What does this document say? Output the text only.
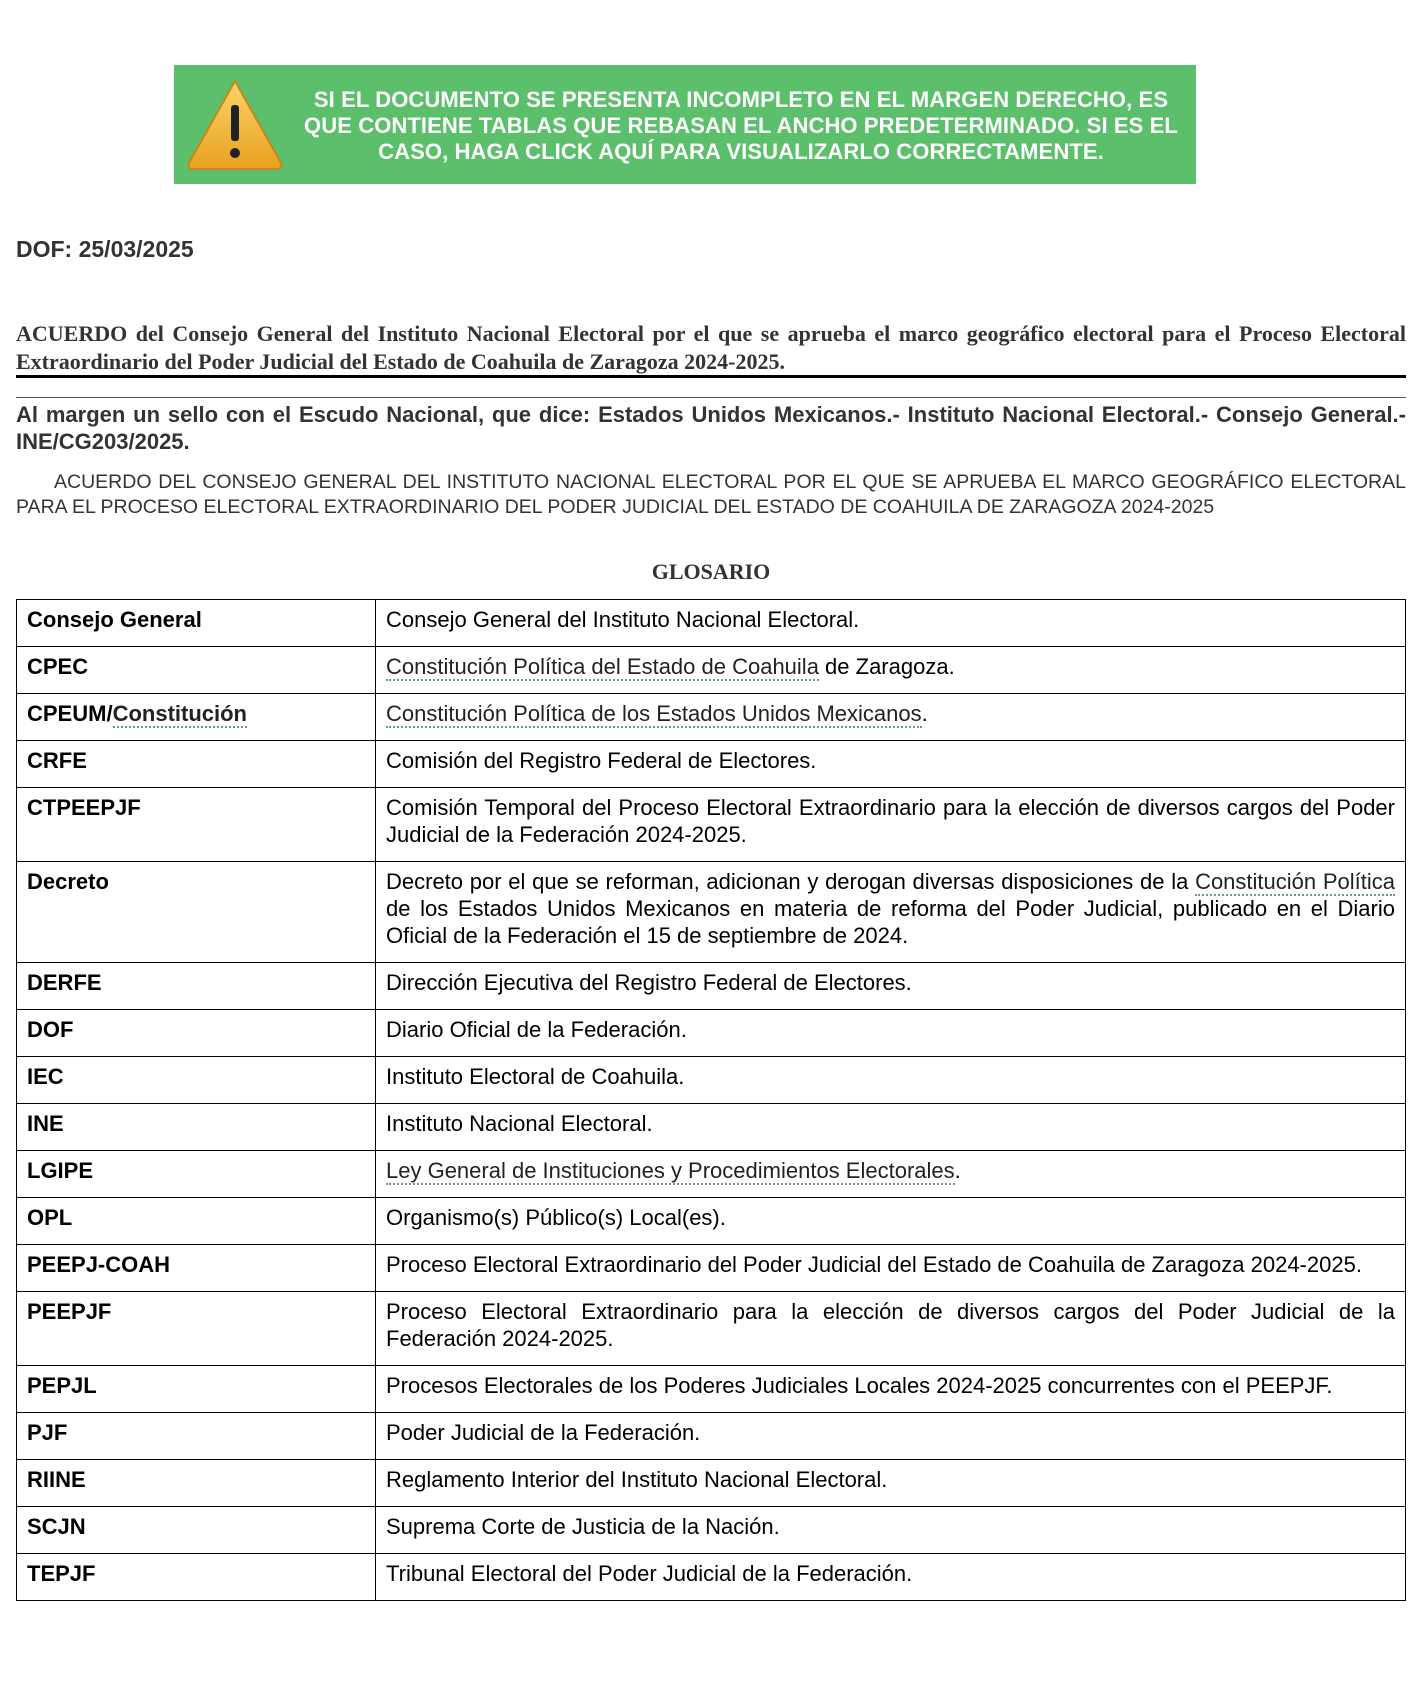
SI EL DOCUMENTO SE PRESENTA INCOMPLETO EN EL MARGEN DERECHO, ES QUE CONTIENE TABLAS QUE REBASAN EL ANCHO PREDETERMINADO. SI ES EL CASO, HAGA CLICK AQUÍ PARA VISUALIZARLO CORRECTAMENTE.
DOF: 25/03/2025
ACUERDO del Consejo General del Instituto Nacional Electoral por el que se aprueba el marco geográfico electoral para el Proceso Electoral Extraordinario del Poder Judicial del Estado de Coahuila de Zaragoza 2024-2025.
Al margen un sello con el Escudo Nacional, que dice: Estados Unidos Mexicanos.- Instituto Nacional Electoral.- Consejo General.- INE/CG203/2025.
ACUERDO DEL CONSEJO GENERAL DEL INSTITUTO NACIONAL ELECTORAL POR EL QUE SE APRUEBA EL MARCO GEOGRÁFICO ELECTORAL PARA EL PROCESO ELECTORAL EXTRAORDINARIO DEL PODER JUDICIAL DEL ESTADO DE COAHUILA DE ZARAGOZA 2024-2025
GLOSARIO
Consejo General	Consejo General del Instituto Nacional Electoral.
CPEC	Constitución Política del Estado de Coahuila de Zaragoza.
CPEUM/Constitución	Constitución Política de los Estados Unidos Mexicanos.
CRFE	Comisión del Registro Federal de Electores.
CTPEEPJF	Comisión Temporal del Proceso Electoral Extraordinario para la elección de diversos cargos del Poder Judicial de la Federación 2024-2025.
Decreto	Decreto por el que se reforman, adicionan y derogan diversas disposiciones de la Constitución Política de los Estados Unidos Mexicanos en materia de reforma del Poder Judicial, publicado en el Diario Oficial de la Federación el 15 de septiembre de 2024.
DERFE	Dirección Ejecutiva del Registro Federal de Electores.
DOF	Diario Oficial de la Federación.
IEC	Instituto Electoral de Coahuila.
INE	Instituto Nacional Electoral.
LGIPE	Ley General de Instituciones y Procedimientos Electorales.
OPL	Organismo(s) Público(s) Local(es).
PEEPJ-COAH	Proceso Electoral Extraordinario del Poder Judicial del Estado de Coahuila de Zaragoza 2024-2025.
PEEPJF	Proceso Electoral Extraordinario para la elección de diversos cargos del Poder Judicial de la Federación 2024-2025.
PEPJL	Procesos Electorales de los Poderes Judiciales Locales 2024-2025 concurrentes con el PEEPJF.
PJF	Poder Judicial de la Federación.
RIINE	Reglamento Interior del Instituto Nacional Electoral.
SCJN	Suprema Corte de Justicia de la Nación.
TEPJF	Tribunal Electoral del Poder Judicial de la Federación.
